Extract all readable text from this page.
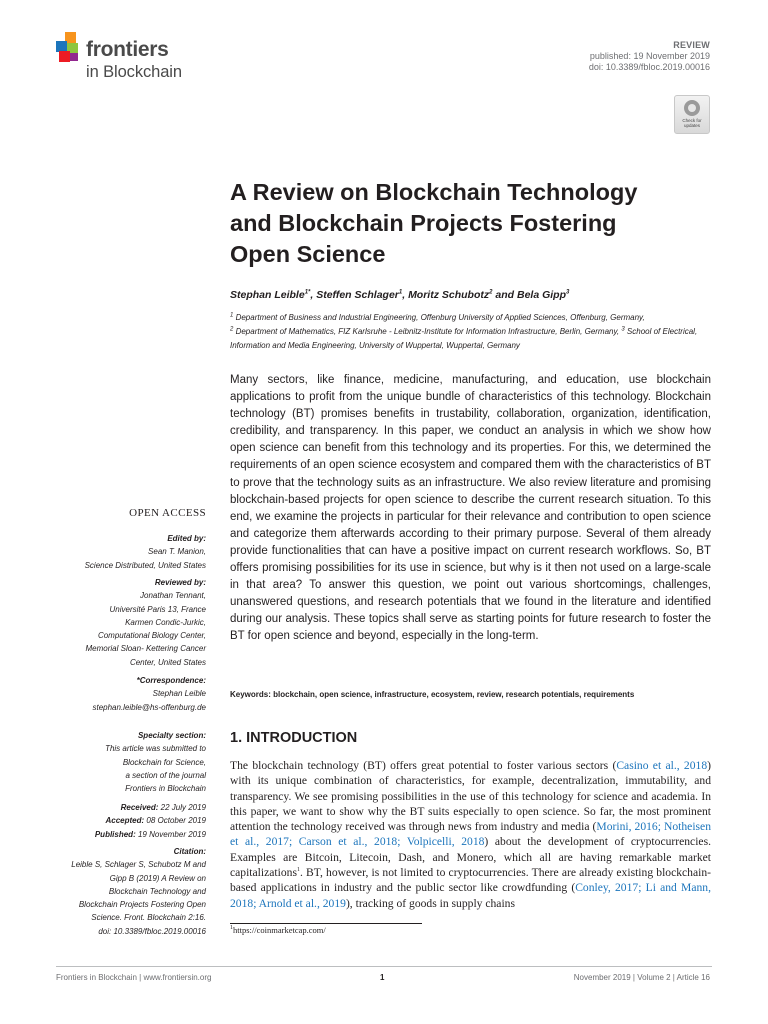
frontiers
in Blockchain
REVIEW
published: 19 November 2019
doi: 10.3389/fbloc.2019.00016
Check for updates
A Review on Blockchain Technology
and Blockchain Projects Fostering
Open Science
Stephan Leible$^{1*}$, Steffen Schlager$^1$, Moritz Schubotz$^2$ and Bela Gipp$^3$
$^1$ Department of Business and Industrial Engineering, Offenburg University of Applied Sciences, Offenburg, Germany,
$^2$ Department of Mathematics, FIZ Karlsruhe - Leibnitz-Institute for Information Infrastructure, Berlin, Germany, $^3$ School of Electrical, Information and Media Engineering, University of Wuppertal, Wuppertal, Germany
Many sectors, like finance, medicine, manufacturing, and education, use blockchain applications to profit from the unique bundle of characteristics of this technology. Blockchain technology (BT) promises benefits in trustability, collaboration, organization, identification, credibility, and transparency. In this paper, we conduct an analysis in which we show how open science can benefit from this technology and its properties. For this, we determined the requirements of an open science ecosystem and compared them with the characteristics of BT to prove that the technology suits as an infrastructure. We also review literature and promising blockchain-based projects for open science to describe the current research situation. To this end, we examine the projects in particular for their relevance and contribution to open science and categorize them afterwards according to their primary purpose. Several of them already provide functionalities that can have a positive impact on current research workflows. So, BT offers promising possibilities for its use in science, but why is it then not used on a large-scale in that area? To answer this question, we point out various shortcomings, challenges, unanswered questions, and research potentials that we found in the literature and identified during our analysis. These topics shall serve as starting points for future research to foster the BT for open science and beyond, especially in the long-term.
Keywords: blockchain, open science, infrastructure, ecosystem, review, research potentials, requirements
1. INTRODUCTION
The blockchain technology (BT) offers great potential to foster various sectors (Casino et al., 2018) with its unique combination of characteristics, for example, decentralization, immutability, and transparency. We see promising possibilities in the use of this technology for science and academia. In this paper, we want to show why the BT suits especially to open science. So far, the most prominent attention the technology received was through news from industry and media (Morini, 2016; Notheisen et al., 2017; Carson et al., 2018; Volpicelli, 2018) about the development of cryptocurrencies. Examples are Bitcoin, Litecoin, Dash, and Monero, which all are having remarkable market capitalizations$^1$. BT, however, is not limited to cryptocurrencies. There are already existing blockchain-based applications in industry and the public sector like crowdfunding (Conley, 2017; Li and Mann, 2018; Arnold et al., 2019), tracking of goods in supply chains
$^1$https://coinmarketcap.com/
OPEN ACCESS
Edited by:
Sean T. Manion,
Science Distributed, United States
Reviewed by:
Jonathan Tennant,
Université Paris 13, France
Karmen Condic-Jurkic,
Computational Biology Center,
Memorial Sloan- Kettering Cancer
Center, United States
*Correspondence:
Stephan Leible
stephan.leible@hs-offenburg.de
Specialty section:
This article was submitted to
Blockchain for Science,
a section of the journal
Frontiers in Blockchain
Received: 22 July 2019
Accepted: 08 October 2019
Published: 19 November 2019
Citation:
Leible S, Schlager S, Schubotz M and
Gipp B (2019) A Review on
Blockchain Technology and
Blockchain Projects Fostering Open
Science. Front. Blockchain 2:16.
doi: 10.3389/fbloc.2019.00016
Frontiers in Blockchain | www.frontiersin.org	1	November 2019 | Volume 2 | Article 16
